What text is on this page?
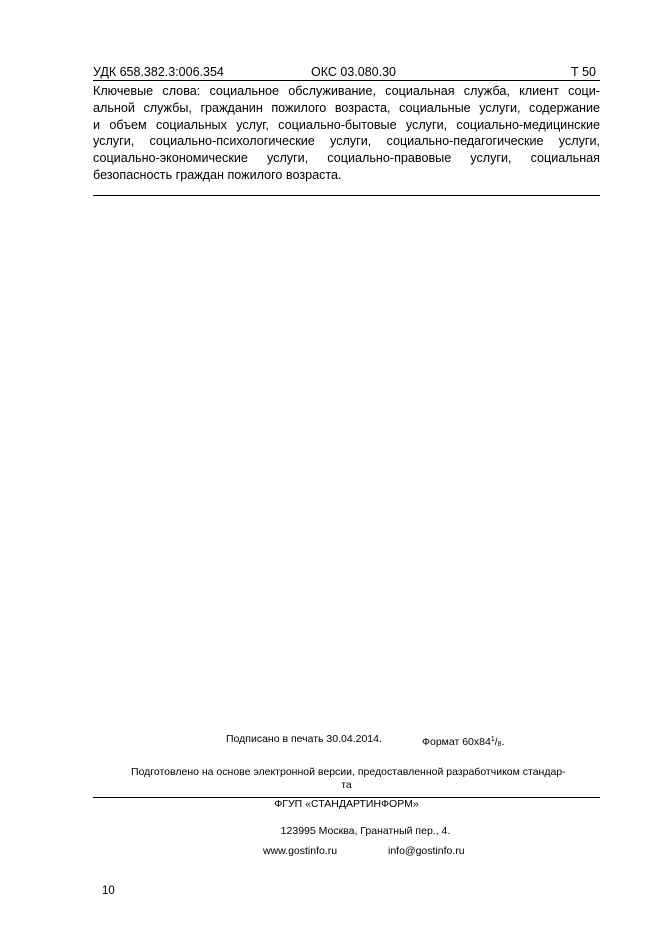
УДК 658.382.3:006.354	ОКС 03.080.30	Т 50
Ключевые слова: социальное обслуживание, социальная служба, клиент соци-
альной службы, гражданин пожилого возраста, социальные услуги, содержание
и объем социальных услуг, социально-бытовые услуги, социально-медицинские
услуги, социально-психологические услуги, социально-педагогические услуги,
социально-экономические услуги, социально-правовые услуги, социальная
безопасность граждан пожилого возраста.
Подписано в печать 30.04.2014.	Формат $60х84^1/_8$.
Подготовлено на основе электронной версии, предоставленной разработчиком стандар-
та
ФГУП «СТАНДАРТИНФОРМ»
123995 Москва, Гранатный пер., 4.
www.gostinfo.ru	info@gostinfo.ru
10
